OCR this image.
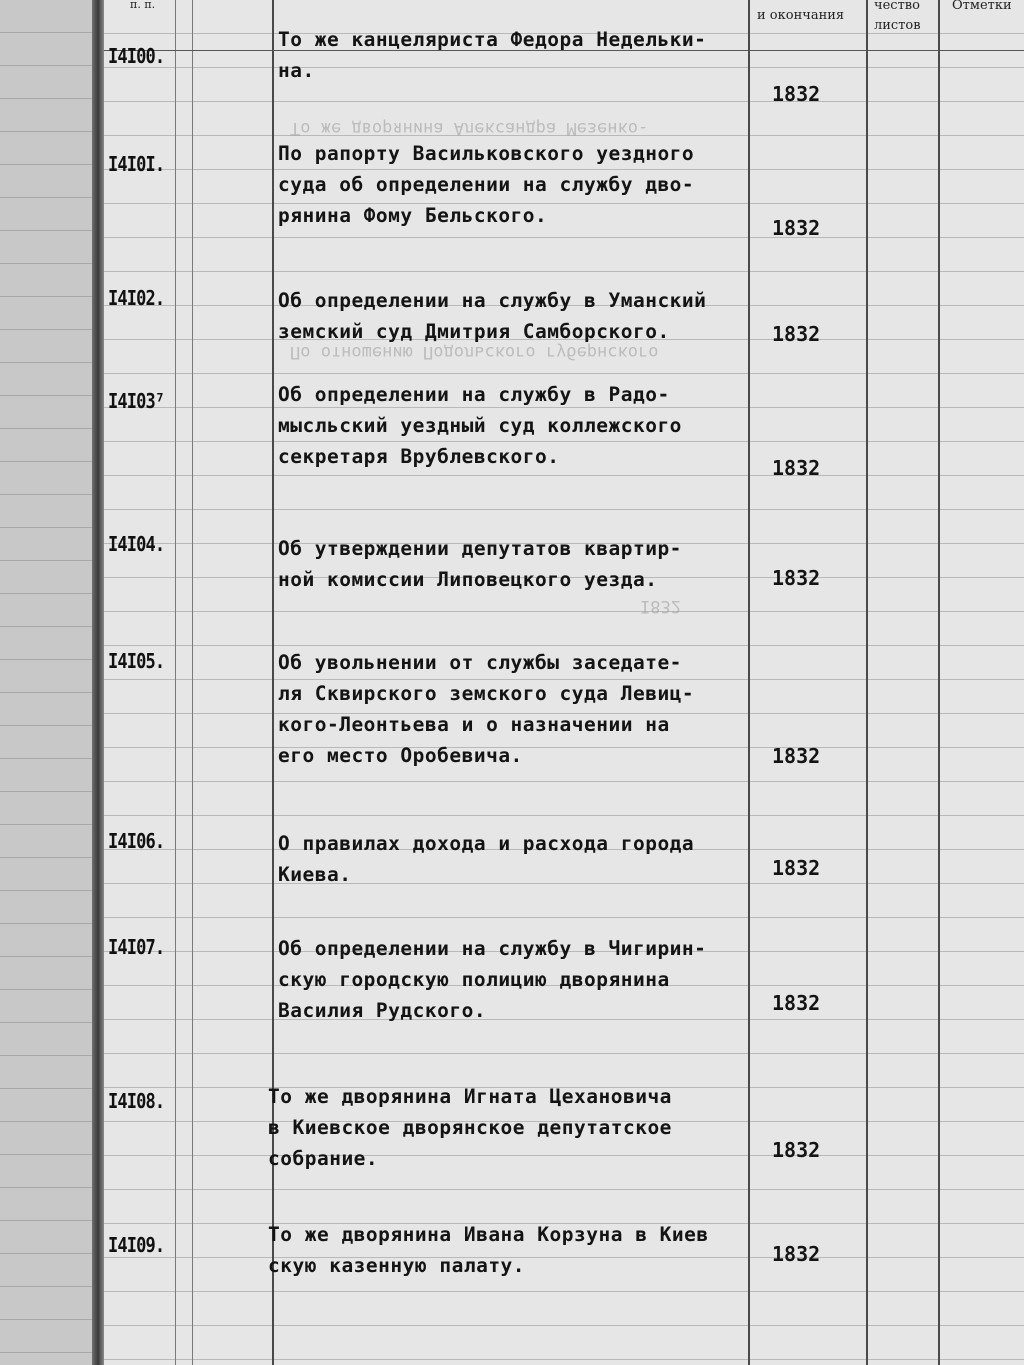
п. п.
и окончания
чество листов
Отметки
То же дворянина Александра Мезенко-
По отношению Подольского губернского
I832
I4I00.
То же канцеляриста Федора Недельки-
на.
1832
I4I0I.	По рапорту Васильковского уездного
суда об определении на службу дво-
рянина Фому Бельского.
1832
I4I02.	Об определении на службу в Уманский
земский суд Дмитрия Самборского.	1832
I4I03⁷	Об определении на службу в Радо-
мысльский уездный суд коллежского
секретаря Врублевского.	1832
I4I04.	Об утверждении депутатов квартир-
ной комиссии Липовецкого уезда.	1832
I4I05.	Об увольнении от службы заседате-
ля Сквирского земского суда Левиц-
кого-Леонтьева и о назначении на
его место Оробевича.	1832
I4I06.	О правилах дохода и расхода города
Киева.	1832
I4I07.	Об определении на службу в Чигирин-
скую городскую полицию дворянина
Василия Рудского.	1832
I4I08.	То же дворянина Игната Цехановича
в Киевское дворянское депутатское
собрание.	1832
I4I09.	То же дворянина Ивана Корзуна в Киев
скую казенную палату.	1832
